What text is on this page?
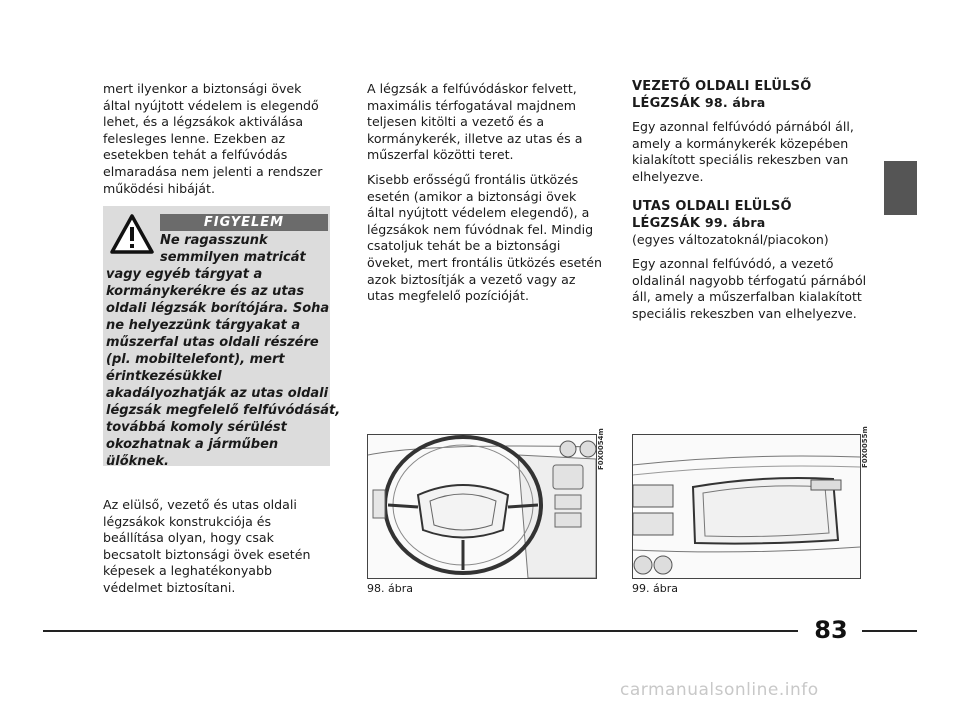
mert ilyenkor a biztonsági övek által nyújtott védelem is elegendő lehet, és a légzsákok aktiválása felesleges lenne. Ezekben az esetekben tehát a felfúvódás elmaradása nem jelenti a rendszer működési hibáját.

FIGYELEM
Ne ragasszunk
semmilyen matricát
vagy egyéb tárgyat a
kormánykerékre és az utas
oldali légzsák borítójára. Soha
ne helyezzünk tárgyakat a
műszerfal utas oldali részére
(pl. mobiltelefont), mert
érintkezésükkel
akadályozhatják az utas oldali
légzsák megfelelő felfúvódását,
továbbá komoly sérülést
okozhatnak a járműben
ülőknek.

Az elülső, vezető és utas oldali légzsákok konstrukciója és beállítása olyan, hogy csak becsatolt biztonsági övek esetén képesek a leghatékonyabb védelmet biztosítani.

A légzsák a felfúvódáskor felvett, maximális térfogatával majdnem teljesen kitölti a vezető és a kormánykerék, illetve az utas és a műszerfal közötti teret.

Kisebb erősségű frontális ütközés esetén (amikor a biztonsági övek által nyújtott védelem elegendő), a légzsákok nem fúvódnak fel. Mindig csatoljuk tehát be a biztonsági öveket, mert frontális ütközés esetén azok biztosítják a vezető vagy az utas megfelelő pozícióját.

VEZETŐ OLDALI ELÜLSŐ
LÉGZSÁK 98. ábra

Egy azonnal felfúvódó párnából áll, amely a kormánykerék közepében kialakított speciális rekeszben van elhelyezve.

UTAS OLDALI ELÜLSŐ
LÉGZSÁK 99. ábra

(egyes változatoknál/piacokon)

Egy azonnal felfúvódó, a vezető oldalinál nagyobb térfogatú párnából áll, amely a műszerfalban kialakított speciális rekeszben van elhelyezve.

F0X0054m
98. ábra
F0X0055m
99. ábra
83
carmanualsonline.info
